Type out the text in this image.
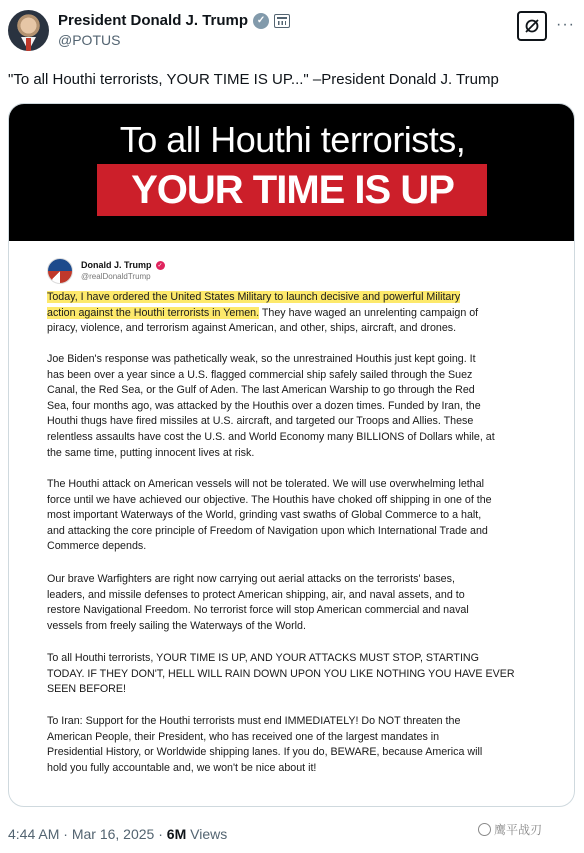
President Donald J. Trump ✓
@POTUS
···
"To all Houthi terrorists, YOUR TIME IS UP..." –President Donald J. Trump
To all Houthi terrorists,
YOUR TIME IS UP
Donald J. Trump ✓
@realDonaldTrump
Today, I have ordered the United States Military to launch decisive and powerful Military
action against the Houthi terrorists in Yemen. They have waged an unrelenting campaign of
piracy, violence, and terrorism against American, and other, ships, aircraft, and drones.
Joe Biden's response was pathetically weak, so the unrestrained Houthis just kept going. It
has been over a year since a U.S. flagged commercial ship safely sailed through the Suez
Canal, the Red Sea, or the Gulf of Aden. The last American Warship to go through the Red
Sea, four months ago, was attacked by the Houthis over a dozen times. Funded by Iran, the
Houthi thugs have fired missiles at U.S. aircraft, and targeted our Troops and Allies. These
relentless assaults have cost the U.S. and World Economy many BILLIONS of Dollars while, at
the same time, putting innocent lives at risk.
The Houthi attack on American vessels will not be tolerated. We will use overwhelming lethal
force until we have achieved our objective. The Houthis have choked off shipping in one of the
most important Waterways of the World, grinding vast swaths of Global Commerce to a halt,
and attacking the core principle of Freedom of Navigation upon which International Trade and
Commerce depends.
Our brave Warfighters are right now carrying out aerial attacks on the terrorists' bases,
leaders, and missile defenses to protect American shipping, air, and naval assets, and to
restore Navigational Freedom. No terrorist force will stop American commercial and naval
vessels from freely sailing the Waterways of the World.
To all Houthi terrorists, YOUR TIME IS UP, AND YOUR ATTACKS MUST STOP, STARTING
TODAY. IF THEY DON'T, HELL WILL RAIN DOWN UPON YOU LIKE NOTHING YOU HAVE EVER
SEEN BEFORE!
To Iran: Support for the Houthi terrorists must end IMMEDIATELY! Do NOT threaten the
American People, their President, who has received one of the largest mandates in
Presidential History, or Worldwide shipping lanes. If you do, BEWARE, because America will
hold you fully accountable and, we won't be nice about it!
4:44 AM · Mar 16, 2025 · 6M Views	鹰平战刃
